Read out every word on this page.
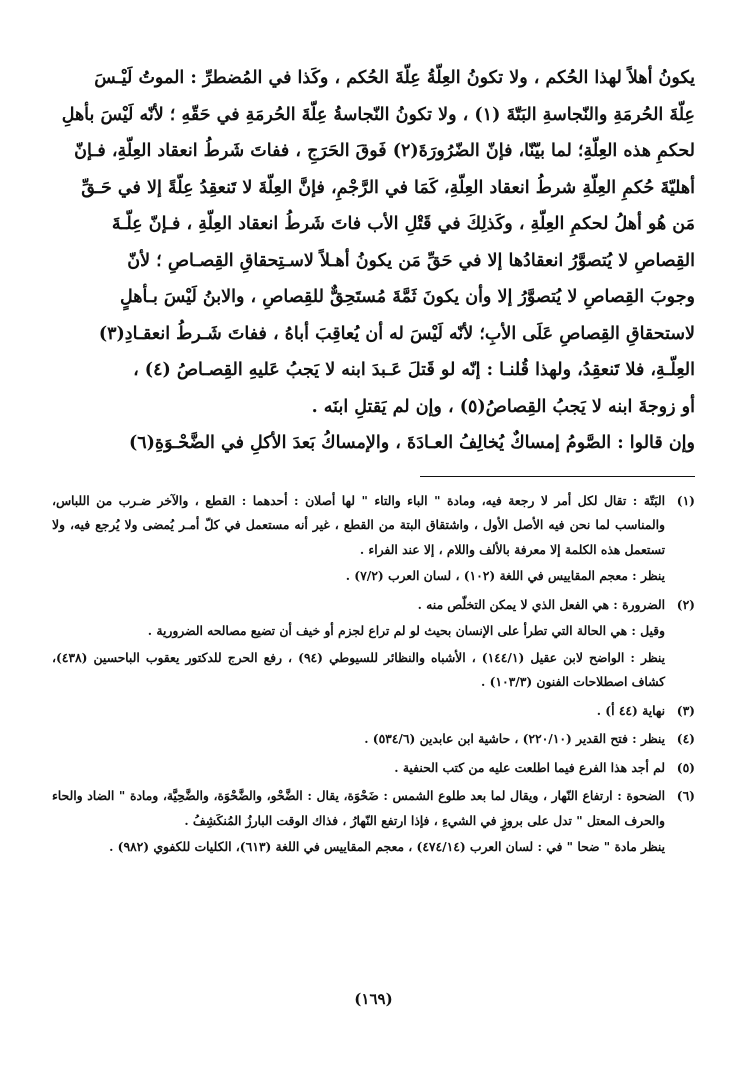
يكونُ أهلاً لهذا الحُكم ، ولا تكونُ العِلّةُ عِلّةَ الحُكم ، وكَذا في المُضطرِّ : الموتُ لَيْـسَ

عِلّةَ الحُرمَةِ والنّجاسةِ البَتّةَ (١) ، ولا تكونُ النّجاسةُ عِلّةَ الحُرمَةِ في حَقّهِ ؛ لأنّه لَيْسَ بأهلِ

لحكمِ هذه العِلّةِ؛ لما بيّنّا، فإنّ الضّرُورَةَ(٢) فَوقَ الحَرَجِ ، ففاتَ شَرطُ انعقاد العِلّةِ، فـإنّ

أهليّةَ حُكمِ العِلّةِ شرطُ انعقاد العِلّةِ، كَمَا في الرَّجْمِ، فإنَّ العِلّةَ لا تَنعقِدُ عِلّةً إلا في حَـقِّ

مَن هُو أهلُ لحكمِ العِلّةِ ، وكَذلِكَ في قَتْلِ الأب فاتَ شَرطُ انعقاد العِلّةِ ، فـإنّ عِلّـةَ

القِصاصِ لا يُتصوَّرُ انعقادُها إلا في حَقِّ مَن يكونُ أهـلاً لاسـتِحقاقِ القِصـاصِ ؛ لأنّ

وجوبَ القِصاصِ لا يُتصوَّرُ إلا وأن يكونَ ثَمَّةَ مُستَحِقٌّ للقِصاصِ ، والابنُ لَيْسَ بـأهلٍ

لاستحقاقِ القِصاصِ عَلَى الأبِ؛ لأنّه لَيْسَ له أن يُعاقِبَ أباهُ ، ففاتَ شَـرطُ انعقـادِ(٣)

العِلّـةِ، فلا تَنعقِدُ، ولهذا قُلنـا : إنّه لو قَتلَ عَـبدَ ابنه لا يَجبُ عَليهِ القِصـاصُ (٤) ،

أو زوجةَ ابنه لا يَجبُ القِصاصُ(٥) ، وإن لم يَقتلِ ابنَه .

وإن قالوا : الصَّومُ إمساكٌ يُخالِفُ العـادَةَ ، والإمساكُ بَعدَ الأكلِ في الضَّحْـوَةِ(٦)

(١)

البَتّة : تقال لكل أمر لا رجعة فيه، ومادة " الباء والتاء " لها أصلان : أحدهما : القطع ، والآخر ضـرب من اللباس، والمناسب لما نحن فيه الأصل الأول ، واشتقاق البتة من القطع ، غير أنه مستعمل في كلّ أمـر يُمضى ولا يُرجع فيه، ولا تستعمل هذه الكلمة إلا معرفة بالألف واللام ، إلا عند الفراء .

ينظر : معجم المقاييس في اللغة (١٠٢) ، لسان العرب (٧/٢) .

(٢)

الضرورة : هي الفعل الذي لا يمكن التخلّص منه .

وقيل : هي الحالة التي تطرأ على الإنسان بحيث لو لم تراع لجزم أو خيف أن تضيع مصالحه الضرورية .

ينظر : الواضح لابن عقيل (١٤٤/١) ، الأشباه والنظائر للسيوطي (٩٤) ، رفع الحرج للدكتور يعقوب الباحسين (٤٣٨)، كشاف اصطلاحات الفنون (١٠٣/٣) .

(٣)

نهاية (٤٤ أ) .

(٤)

ينظر : فتح القدير (٢٢٠/١٠) ، حاشية ابن عابدين (٥٣٤/٦) .

(٥)

لم أجد هذا الفرع فيما اطلعت عليه من كتب الحنفية .

(٦)

الضحوة : ارتفاع النّهار ، ويقال لما بعد طلوع الشمس : ضَحْوَة، يقال : الضَّحْو، والضَّحْوَة، والضَّحِيَّة، ومادة " الضاد والحاء والحرف المعتل " تدل على بروزٍ في الشيءِ ، فإذا ارتفع النّهارُ ، فذاك الوقت البارزُ المُنكَشِفُ .

ينظر مادة " ضحا " في : لسان العرب (٤٧٤/١٤) ، معجم المقاييس في اللغة (٦١٣)، الكليات للكفوي (٩٨٢) .

(١٦٩)
